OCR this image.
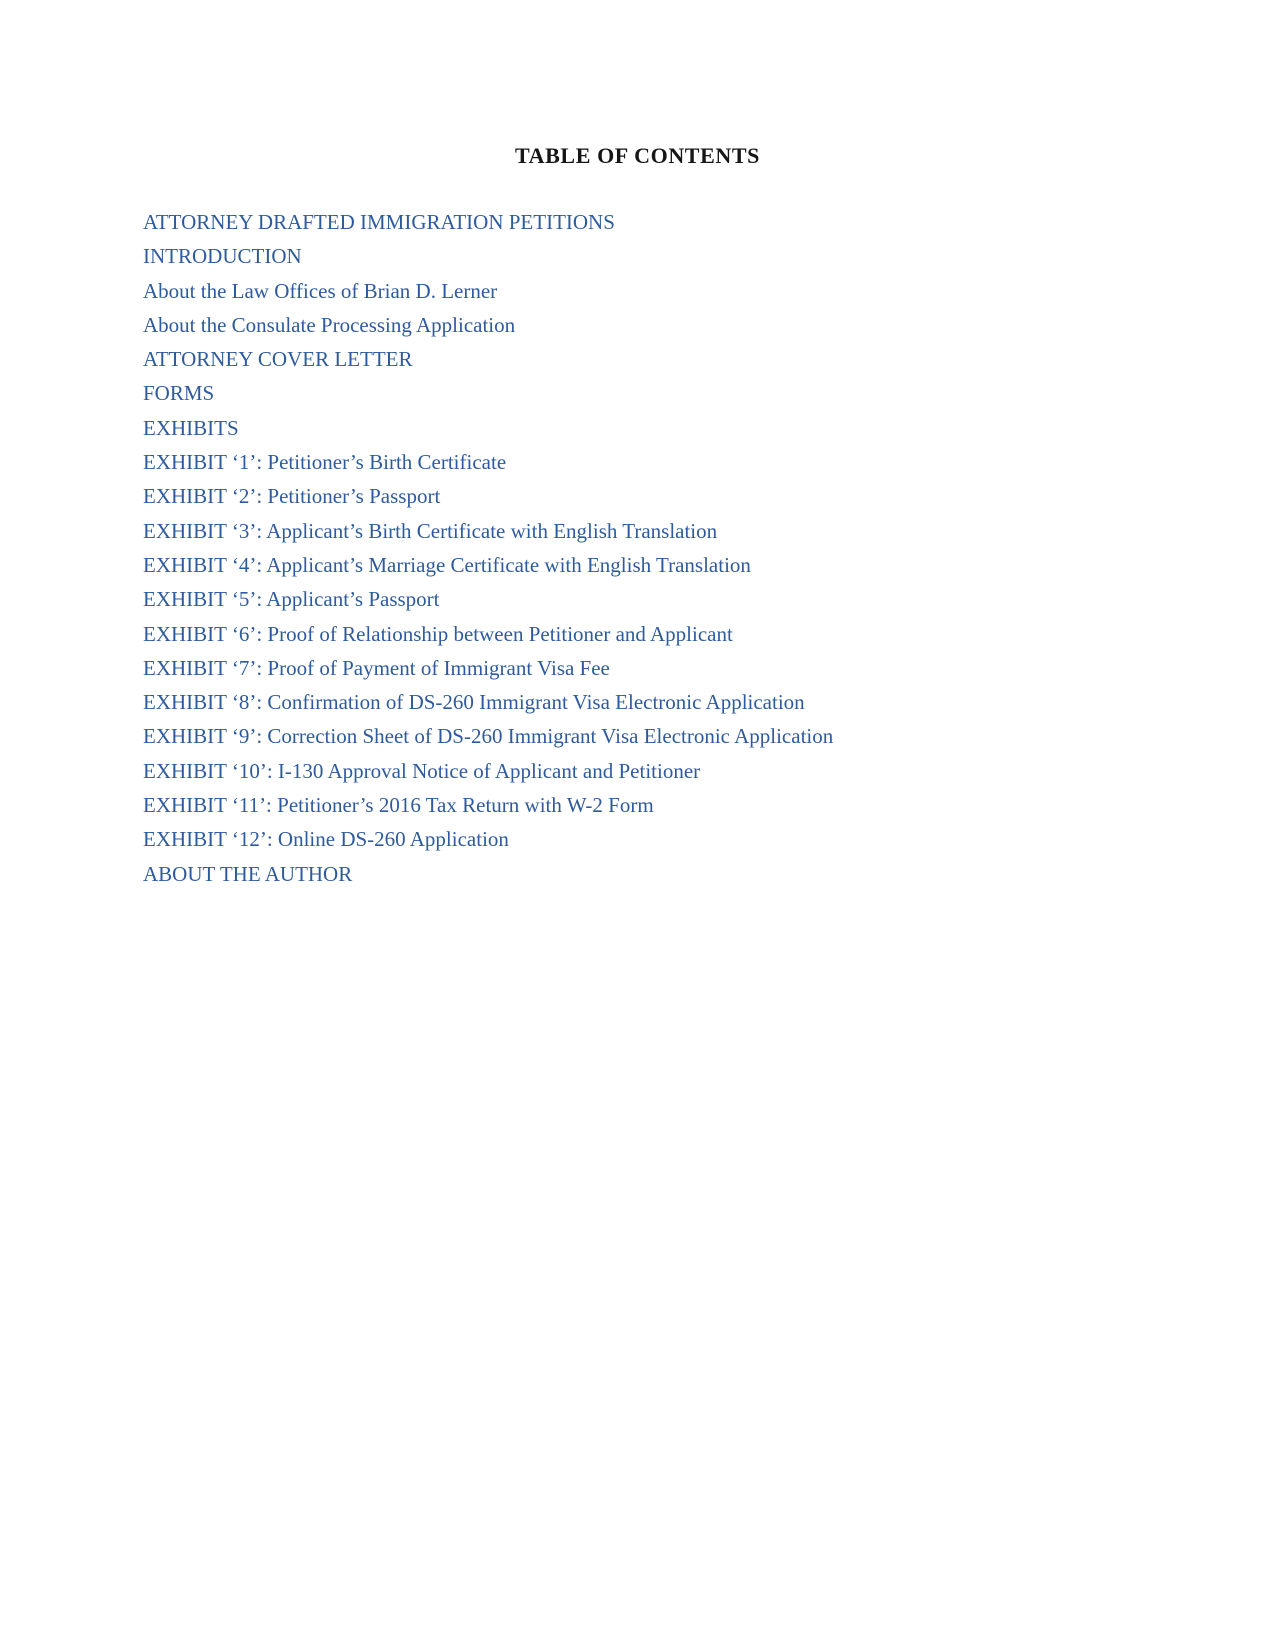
TABLE OF CONTENTS
ATTORNEY DRAFTED IMMIGRATION PETITIONS
INTRODUCTION
About the Law Offices of Brian D. Lerner
About the Consulate Processing Application
ATTORNEY COVER LETTER
FORMS
EXHIBITS
EXHIBIT ‘1’: Petitioner’s Birth Certificate
EXHIBIT ‘2’: Petitioner’s Passport
EXHIBIT ‘3’: Applicant’s Birth Certificate with English Translation
EXHIBIT ‘4’: Applicant’s Marriage Certificate with English Translation
EXHIBIT ‘5’: Applicant’s Passport
EXHIBIT ‘6’: Proof of Relationship between Petitioner and Applicant
EXHIBIT ‘7’: Proof of Payment of Immigrant Visa Fee
EXHIBIT ‘8’: Confirmation of DS-260 Immigrant Visa Electronic Application
EXHIBIT ‘9’: Correction Sheet of DS-260 Immigrant Visa Electronic Application
EXHIBIT ‘10’: I-130 Approval Notice of Applicant and Petitioner
EXHIBIT ‘11’: Petitioner’s 2016 Tax Return with W-2 Form
EXHIBIT ‘12’: Online DS-260 Application
ABOUT THE AUTHOR
